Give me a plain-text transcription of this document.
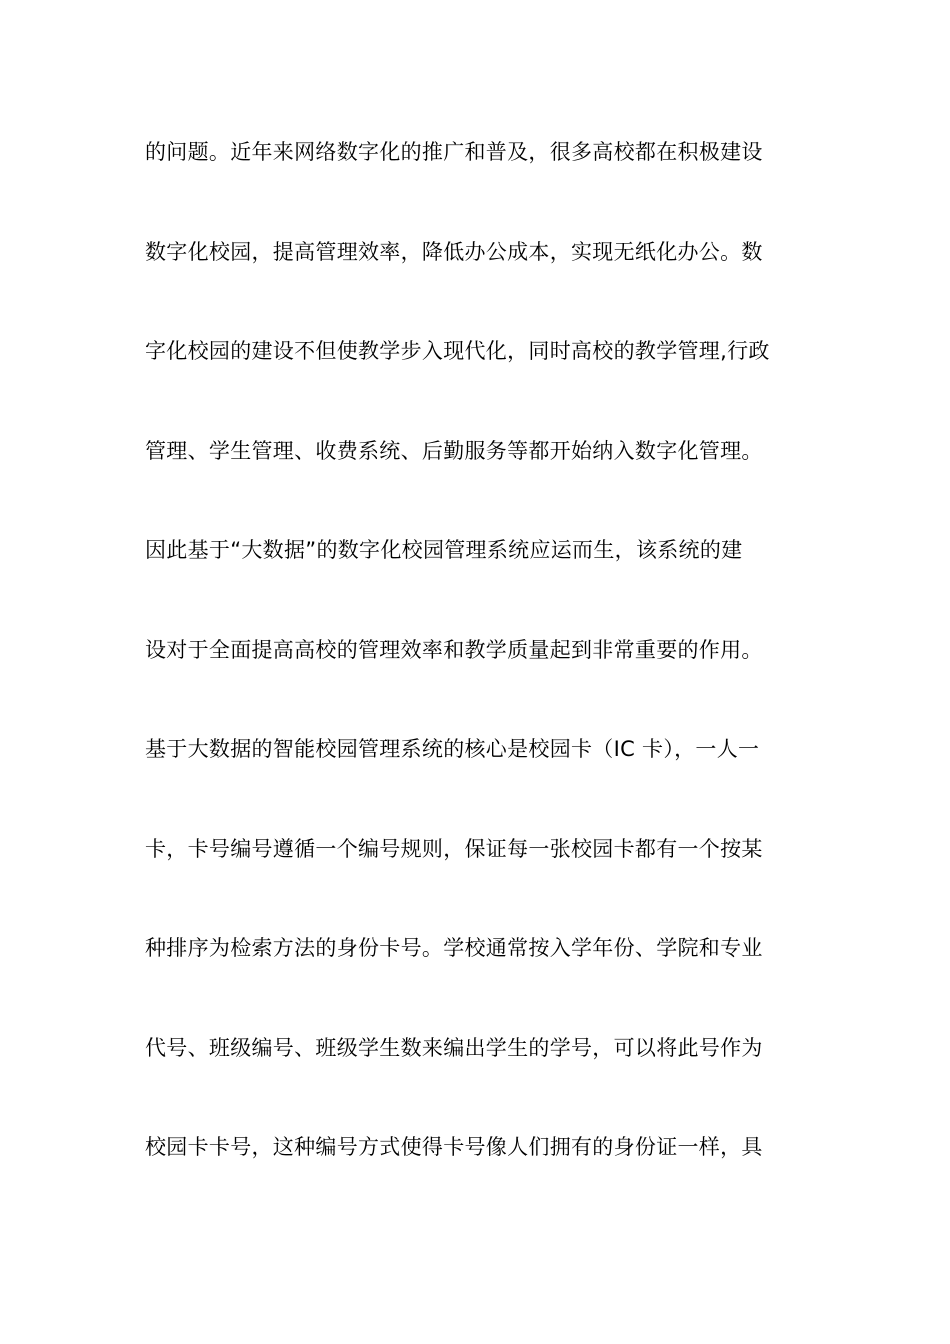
的问题。近年来网络数字化的推广和普及，很多高校都在积极建设
数字化校园，提高管理效率，降低办公成本，实现无纸化办公。数
字化校园的建设不但使教学步入现代化，同时高校的教学管理,行政
管理、学生管理、收费系统、后勤服务等都开始纳入数字化管理。
因此基于“大数据”的数字化校园管理系统应运而生，该系统的建
设对于全面提高高校的管理效率和教学质量起到非常重要的作用。
基于大数据的智能校园管理系统的核心是校园卡（IC 卡），一人一
卡，卡号编号遵循一个编号规则，保证每一张校园卡都有一个按某
种排序为检索方法的身份卡号。学校通常按入学年份、学院和专业
代号、班级编号、班级学生数来编出学生的学号，可以将此号作为
校园卡卡号，这种编号方式使得卡号像人们拥有的身份证一样，具
